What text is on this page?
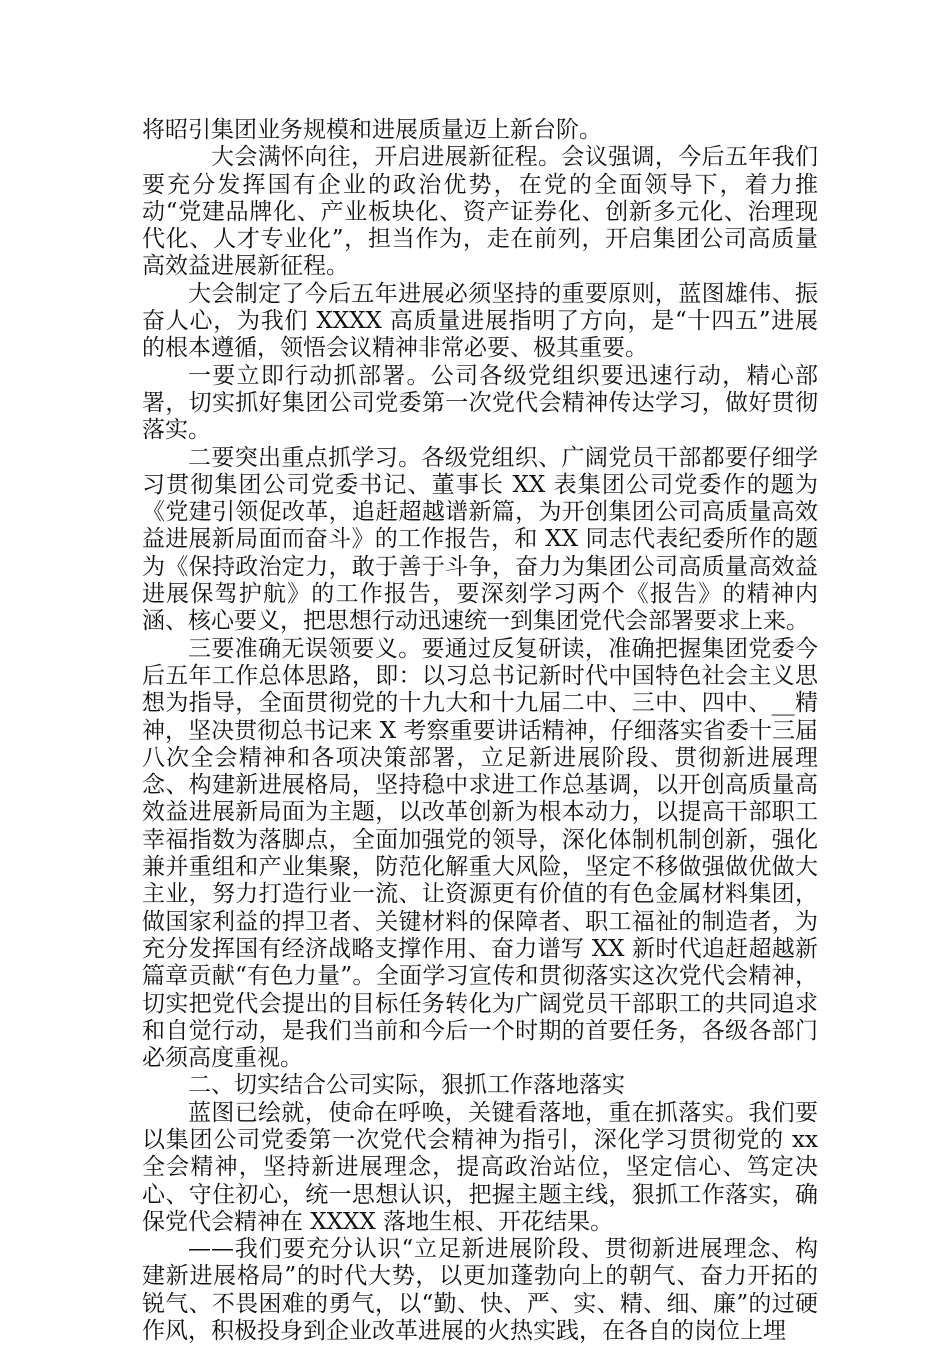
将昭引集团业务规模和进展质量迈上新台阶。

大会满怀向往，开启进展新征程。会议强调，今后五年我们要充分发挥国有企业的政治优势，在党的全面领导下，着力推动“党建品牌化、产业板块化、资产证券化、创新多元化、治理现代化、人才专业化”，担当作为，走在前列，开启集团公司高质量高效益进展新征程。

大会制定了今后五年进展必须坚持的重要原则，蓝图雄伟、振奋人心，为我们 XXXX 高质量进展指明了方向，是“十四五”进展的根本遵循，领悟会议精神非常必要、极其重要。

一要立即行动抓部署。公司各级党组织要迅速行动，精心部署，切实抓好集团公司党委第一次党代会精神传达学习，做好贯彻落实。

二要突出重点抓学习。各级党组织、广阔党员干部都要仔细学习贯彻集团公司党委书记、董事长 XX 表集团公司党委作的题为《党建引领促改革，追赶超越谱新篇，为开创集团公司高质量高效益进展新局面而奋斗》的工作报告，和 XX 同志代表纪委所作的题为《保持政治定力，敢于善于斗争，奋力为集团公司高质量高效益进展保驾护航》的工作报告，要深刻学习两个《报告》的精神内涵、核心要义，把思想行动迅速统一到集团党代会部署要求上来。

三要准确无误领要义。要通过反复研读，准确把握集团党委今后五年工作总体思路，即：以习总书记新时代中国特色社会主义思想为指导，全面贯彻党的十九大和十九届二中、三中、四中、__精神，坚决贯彻总书记来 X 考察重要讲话精神，仔细落实省委十三届八次全会精神和各项决策部署，立足新进展阶段、贯彻新进展理念、构建新进展格局，坚持稳中求进工作总基调，以开创高质量高效益进展新局面为主题，以改革创新为根本动力，以提高干部职工幸福指数为落脚点，全面加强党的领导，深化体制机制创新，强化兼并重组和产业集聚，防范化解重大风险，坚定不移做强做优做大主业，努力打造行业一流、让资源更有价值的有色金属材料集团，做国家利益的捍卫者、关键材料的保障者、职工福祉的制造者，为充分发挥国有经济战略支撑作用、奋力谱写 XX 新时代追赶超越新篇章贡献“有色力量”。全面学习宣传和贯彻落实这次党代会精神，切实把党代会提出的目标任务转化为广阔党员干部职工的共同追求和自觉行动，是我们当前和今后一个时期的首要任务，各级各部门必须高度重视。

二、切实结合公司实际，狠抓工作落地落实

蓝图已绘就，使命在呼唤，关键看落地，重在抓落实。我们要以集团公司党委第一次党代会精神为指引，深化学习贯彻党的 xx 全会精神，坚持新进展理念，提高政治站位，坚定信心、笃定决心、守住初心，统一思想认识，把握主题主线，狠抓工作落实，确保党代会精神在 XXXX 落地生根、开花结果。

——我们要充分认识“立足新进展阶段、贯彻新进展理念、构建新进展格局”的时代大势，以更加蓬勃向上的朝气、奋力开拓的锐气、不畏困难的勇气，以“勤、快、严、实、精、细、廉”的过硬作风，积极投身到企业改革进展的火热实践，在各自的岗位上埋
